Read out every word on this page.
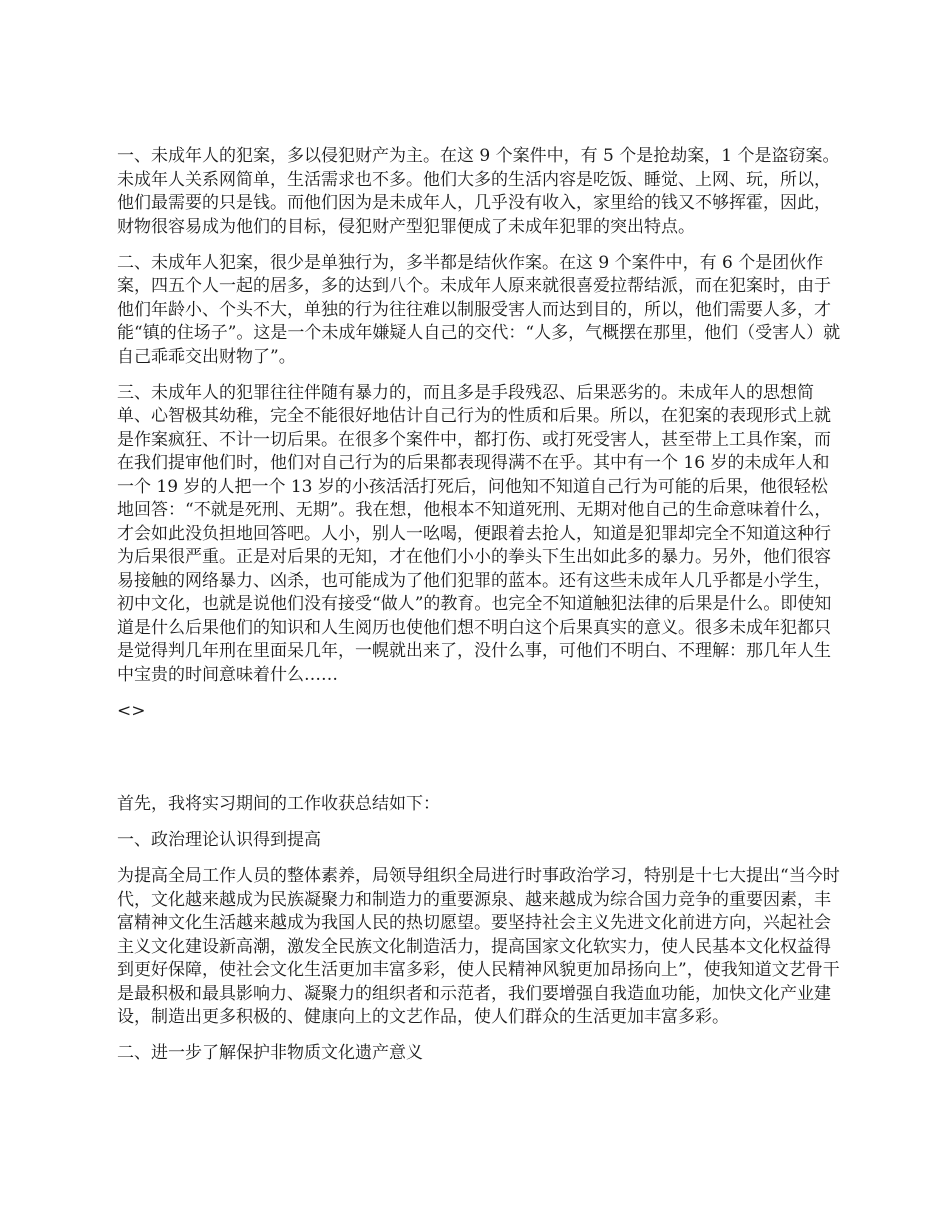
一、未成年人的犯案，多以侵犯财产为主。在这 9 个案件中，有 5 个是抢劫案，1 个是盗窃案。未成年人关系网简单，生活需求也不多。他们大多的生活内容是吃饭、睡觉、上网、玩，所以，他们最需要的只是钱。而他们因为是未成年人，几乎没有收入，家里给的钱又不够挥霍，因此，财物很容易成为他们的目标，侵犯财产型犯罪便成了未成年犯罪的突出特点。

二、未成年人犯案，很少是单独行为，多半都是结伙作案。在这 9 个案件中，有 6 个是团伙作案，四五个人一起的居多，多的达到八个。未成年人原来就很喜爱拉帮结派，而在犯案时，由于他们年龄小、个头不大，单独的行为往往难以制服受害人而达到目的，所以，他们需要人多，才能“镇的住场子”。这是一个未成年嫌疑人自己的交代：“人多，气概摆在那里，他们（受害人）就自己乖乖交出财物了”。

三、未成年人的犯罪往往伴随有暴力的，而且多是手段残忍、后果恶劣的。未成年人的思想简单、心智极其幼稚，完全不能很好地估计自己行为的性质和后果。所以，在犯案的表现形式上就是作案疯狂、不计一切后果。在很多个案件中，都打伤、或打死受害人，甚至带上工具作案，而在我们提审他们时，他们对自己行为的后果都表现得满不在乎。其中有一个 16 岁的未成年人和一个 19 岁的人把一个 13 岁的小孩活活打死后，问他知不知道自己行为可能的后果，他很轻松地回答：“不就是死刑、无期”。我在想，他根本不知道死刑、无期对他自己的生命意味着什么，才会如此没负担地回答吧。人小，别人一吆喝，便跟着去抢人，知道是犯罪却完全不知道这种行为后果很严重。正是对后果的无知，才在他们小小的拳头下生出如此多的暴力。另外，他们很容易接触的网络暴力、凶杀，也可能成为了他们犯罪的蓝本。还有这些未成年人几乎都是小学生，初中文化，也就是说他们没有接受“做人”的教育。也完全不知道触犯法律的后果是什么。即使知道是什么后果他们的知识和人生阅历也使他们想不明白这个后果真实的意义。很多未成年犯都只是觉得判几年刑在里面呆几年，一幌就出来了，没什么事，可他们不明白、不理解：那几年人生中宝贵的时间意味着什么……

<>

首先，我将实习期间的工作收获总结如下：

一、政治理论认识得到提高

为提高全局工作人员的整体素养，局领导组织全局进行时事政治学习，特别是十七大提出“当今时代，文化越来越成为民族凝聚力和制造力的重要源泉、越来越成为综合国力竞争的重要因素，丰富精神文化生活越来越成为我国人民的热切愿望。要坚持社会主义先进文化前进方向，兴起社会主义文化建设新高潮，激发全民族文化制造活力，提高国家文化软实力，使人民基本文化权益得到更好保障，使社会文化生活更加丰富多彩，使人民精神风貌更加昂扬向上”，使我知道文艺骨干是最积极和最具影响力、凝聚力的组织者和示范者，我们要增强自我造血功能，加快文化产业建设，制造出更多积极的、健康向上的文艺作品，使人们群众的生活更加丰富多彩。

二、进一步了解保护非物质文化遗产意义
